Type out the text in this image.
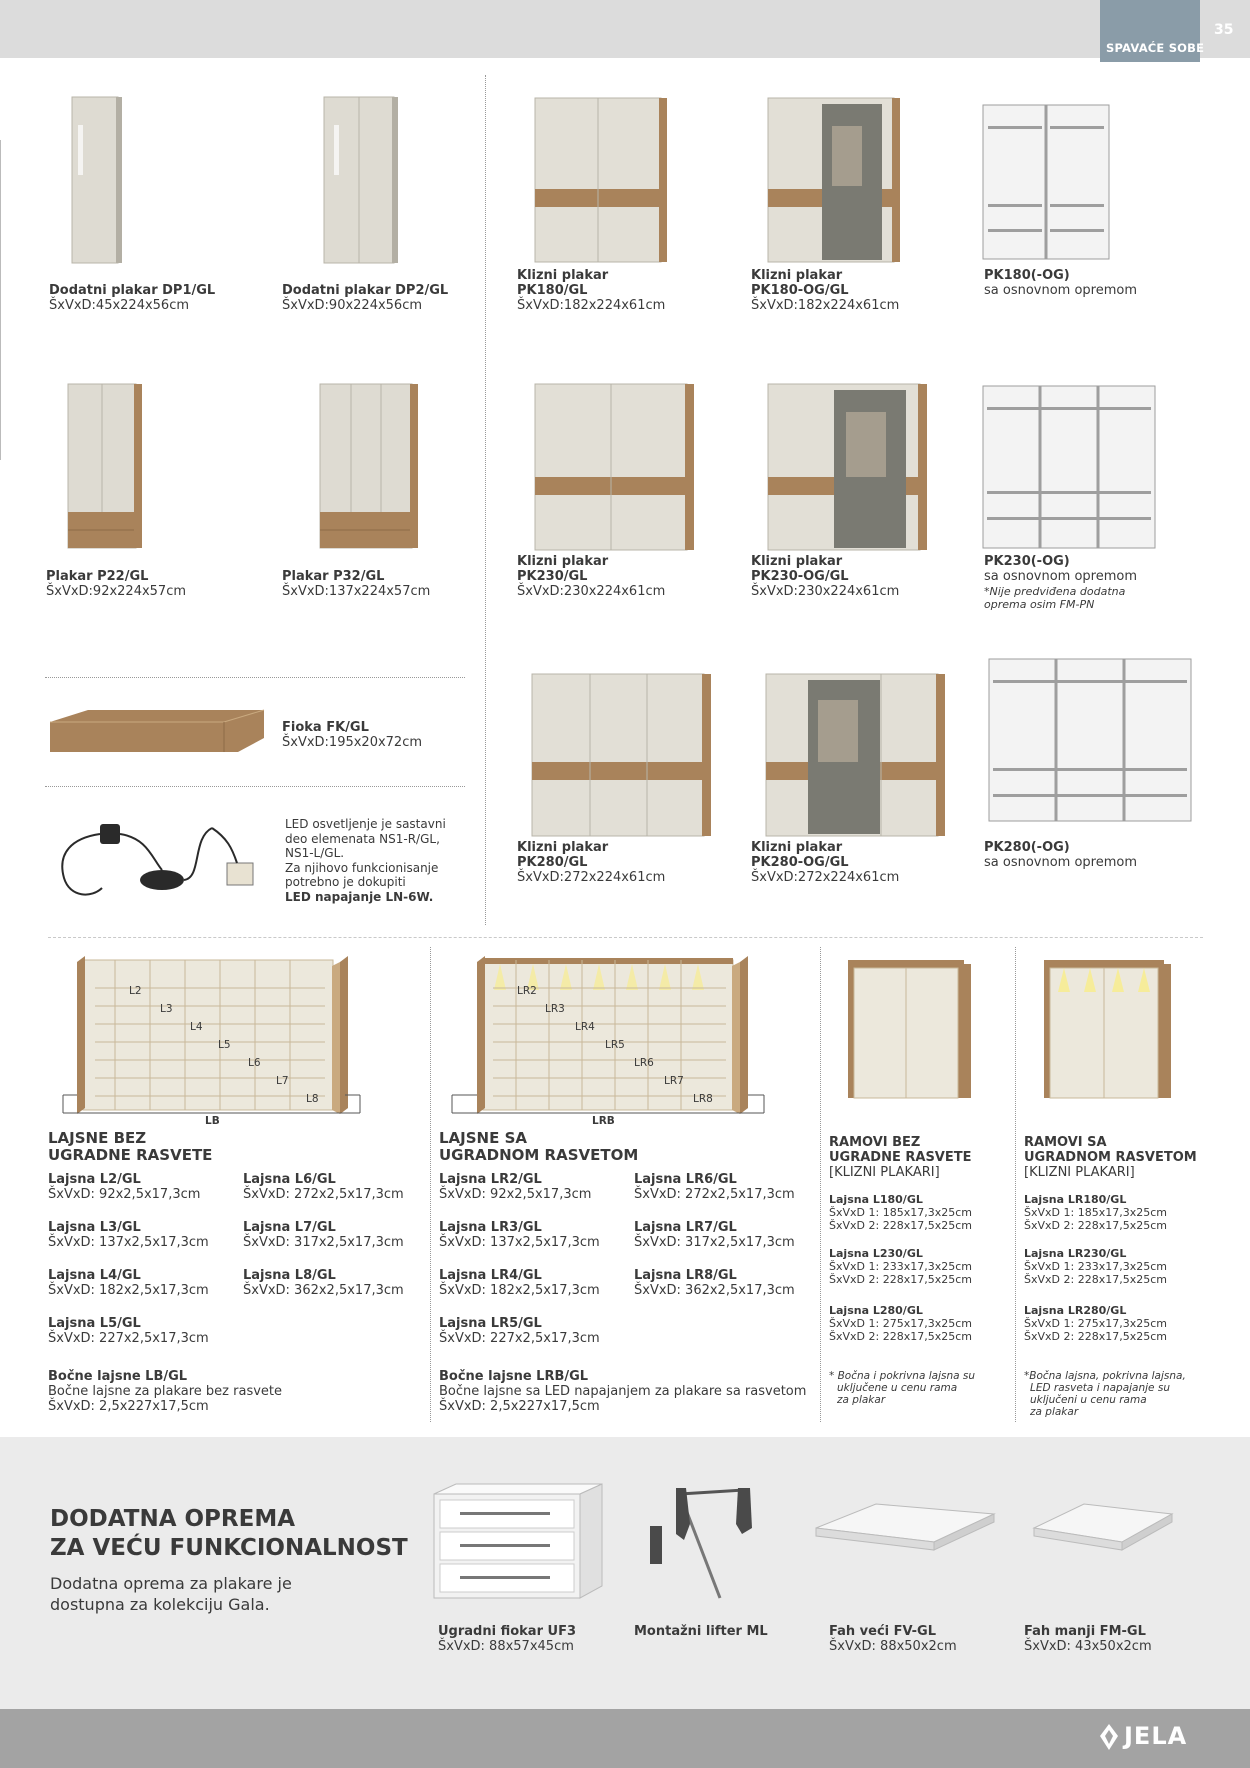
SPAVAĆE SOBE
35
Dodatni plakar DP1/GL
ŠxVxD:45x224x56cm
Dodatni plakar DP2/GL
ŠxVxD:90x224x56cm
Klizni plakar
PK180/GL
ŠxVxD:182x224x61cm
Klizni plakar
PK180-OG/GL
ŠxVxD:182x224x61cm
PK180(-OG)
sa osnovnom opremom
Plakar P22/GL
ŠxVxD:92x224x57cm
Plakar P32/GL
ŠxVxD:137x224x57cm
Klizni plakar
PK230/GL
ŠxVxD:230x224x61cm
Klizni plakar
PK230-OG/GL
ŠxVxD:230x224x61cm
PK230(-OG)
sa osnovnom opremom
*Nije predviđena dodatna
oprema osim FM-PN
Fioka FK/GL
ŠxVxD:195x20x72cm
LED osvetljenje je sastavni
deo elemenata NS1-R/GL,
NS1-L/GL.
Za njihovo funkcionisanje
potrebno je dokupiti
LED napajanje LN-6W.
Klizni plakar
PK280/GL
ŠxVxD:272x224x61cm
Klizni plakar
PK280-OG/GL
ŠxVxD:272x224x61cm
PK280(-OG)
sa osnovnom opremom
L2
L3
L4
L5
L6
L7
L8
LB
LR2
LR3
LR4
LR5
LR6
LR7
LR8
LRB
LAJSNE BEZ
UGRADNE RASVETE
Lajsna L2/GL
ŠxVxD: 92x2,5x17,3cm
Lajsna L6/GL
ŠxVxD: 272x2,5x17,3cm
Lajsna L3/GL
ŠxVxD: 137x2,5x17,3cm
Lajsna L7/GL
ŠxVxD: 317x2,5x17,3cm
Lajsna L4/GL
ŠxVxD: 182x2,5x17,3cm
Lajsna L8/GL
ŠxVxD: 362x2,5x17,3cm
Lajsna L5/GL
ŠxVxD: 227x2,5x17,3cm
Bočne lajsne LB/GL
Bočne lajsne za plakare bez rasvete
ŠxVxD: 2,5x227x17,5cm
LAJSNE SA
UGRADNOM RASVETOM
Lajsna LR2/GL
ŠxVxD: 92x2,5x17,3cm
Lajsna LR6/GL
ŠxVxD: 272x2,5x17,3cm
Lajsna LR3/GL
ŠxVxD: 137x2,5x17,3cm
Lajsna LR7/GL
ŠxVxD: 317x2,5x17,3cm
Lajsna LR4/GL
ŠxVxD: 182x2,5x17,3cm
Lajsna LR8/GL
ŠxVxD: 362x2,5x17,3cm
Lajsna LR5/GL
ŠxVxD: 227x2,5x17,3cm
Bočne lajsne LRB/GL
Bočne lajsne sa LED napajanjem za plakare sa rasvetom
ŠxVxD: 2,5x227x17,5cm
RAMOVI BEZ
UGRADNE RASVETE
[KLIZNI PLAKARI]
Lajsna L180/GL
ŠxVxD 1: 185x17,3x25cm
ŠxVxD 2: 228x17,5x25cm
Lajsna L230/GL
ŠxVxD 1: 233x17,3x25cm
ŠxVxD 2: 228x17,5x25cm
Lajsna L280/GL
ŠxVxD 1: 275x17,3x25cm
ŠxVxD 2: 228x17,5x25cm
* Bočna i pokrivna lajsna su
uključene u cenu rama
za plakar
RAMOVI SA
UGRADNOM RASVETOM
[KLIZNI PLAKARI]
Lajsna LR180/GL
ŠxVxD 1: 185x17,3x25cm
ŠxVxD 2: 228x17,5x25cm
Lajsna LR230/GL
ŠxVxD 1: 233x17,3x25cm
ŠxVxD 2: 228x17,5x25cm
Lajsna LR280/GL
ŠxVxD 1: 275x17,3x25cm
ŠxVxD 2: 228x17,5x25cm
*Bočna lajsna, pokrivna lajsna,
LED rasveta i napajanje su
uključeni u cenu rama
za plakar
DODATNA OPREMA
ZA VEĆU FUNKCIONALNOST
Dodatna oprema za plakare je
dostupna za kolekciju Gala.
Ugradni fiokar UF3
ŠxVxD: 88x57x45cm
Montažni lifter ML	Fah veći FV-GL
ŠxVxD: 88x50x2cm
Fah manji FM-GL
ŠxVxD: 43x50x2cm
JELA
